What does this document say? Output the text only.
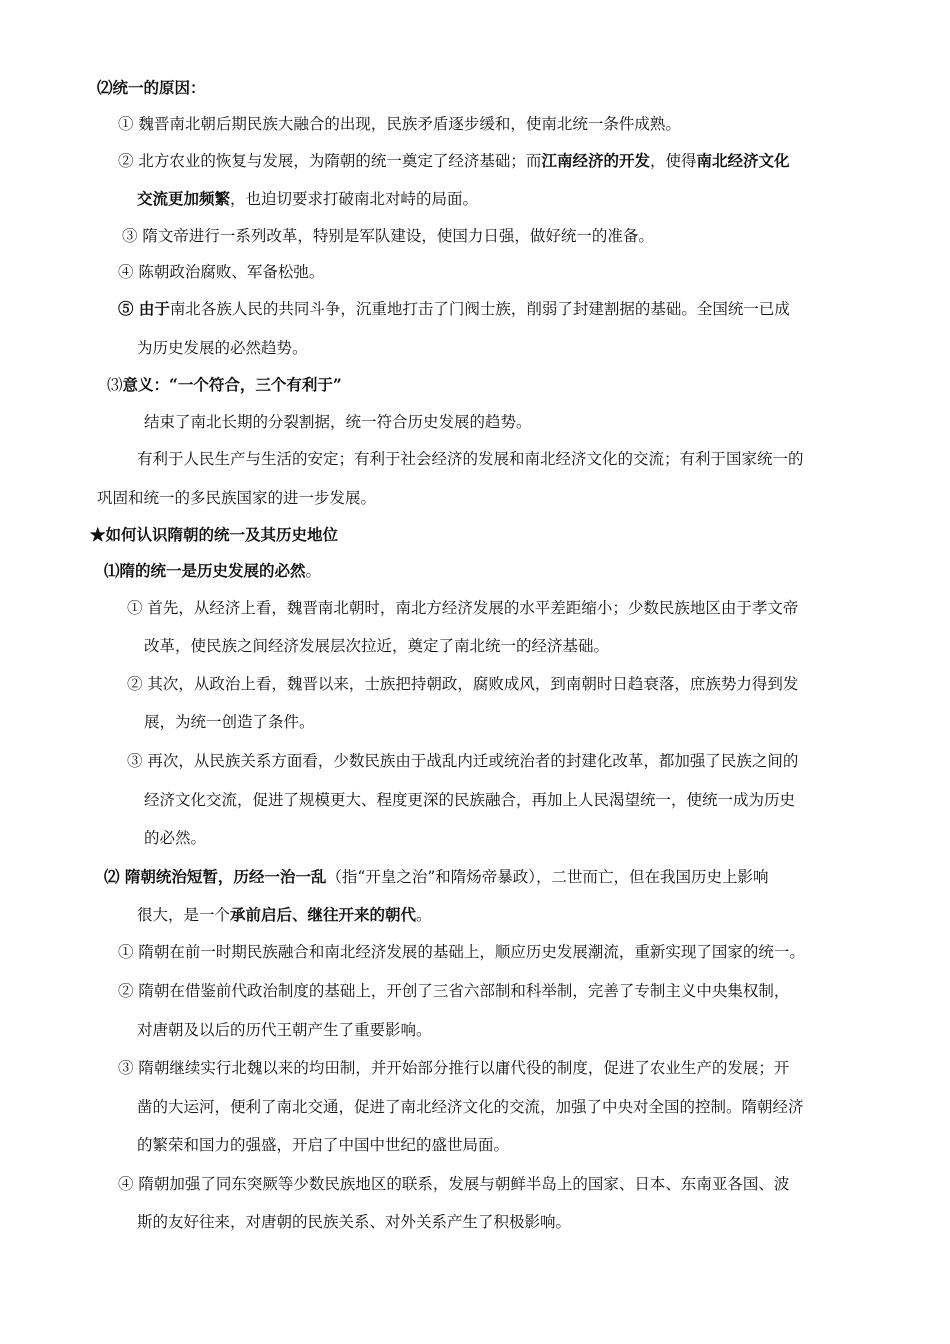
⑵统一的原因：
① 魏晋南北朝后期民族大融合的出现，民族矛盾逐步缓和，使南北统一条件成熟。
② 北方农业的恢复与发展，为隋朝的统一奠定了经济基础；而江南经济的开发，使得南北经济文化
交流更加频繁，也迫切要求打破南北对峙的局面。
③ 隋文帝进行一系列改革，特别是军队建设，使国力日强，做好统一的准备。
④ 陈朝政治腐败、军备松弛。
⑤ 由于南北各族人民的共同斗争，沉重地打击了门阀士族，削弱了封建割据的基础。全国统一已成
为历史发展的必然趋势。
⑶意义：“一个符合，三个有利于”
结束了南北长期的分裂割据，统一符合历史发展的趋势。
有利于人民生产与生活的安定；有利于社会经济的发展和南北经济文化的交流；有利于国家统一的
巩固和统一的多民族国家的进一步发展。
★如何认识隋朝的统一及其历史地位
⑴隋的统一是历史发展的必然。
① 首先，从经济上看，魏晋南北朝时，南北方经济发展的水平差距缩小；少数民族地区由于孝文帝
改革，使民族之间经济发展层次拉近，奠定了南北统一的经济基础。
② 其次，从政治上看，魏晋以来，士族把持朝政，腐败成风，到南朝时日趋衰落，庶族势力得到发
展，为统一创造了条件。
③ 再次，从民族关系方面看，少数民族由于战乱内迁或统治者的封建化改革，都加强了民族之间的
经济文化交流，促进了规模更大、程度更深的民族融合，再加上人民渴望统一，使统一成为历史
的必然。
⑵ 隋朝统治短暂，历经一治一乱（指“开皇之治”和隋炀帝暴政），二世而亡，但在我国历史上影响
很大，是一个承前启后、继往开来的朝代。
① 隋朝在前一时期民族融合和南北经济发展的基础上，顺应历史发展潮流，重新实现了国家的统一。
② 隋朝在借鉴前代政治制度的基础上，开创了三省六部制和科举制，完善了专制主义中央集权制，
对唐朝及以后的历代王朝产生了重要影响。
③ 隋朝继续实行北魏以来的均田制，并开始部分推行以庸代役的制度，促进了农业生产的发展；开
凿的大运河，便利了南北交通，促进了南北经济文化的交流，加强了中央对全国的控制。隋朝经济
的繁荣和国力的强盛，开启了中国中世纪的盛世局面。
④ 隋朝加强了同东突厥等少数民族地区的联系，发展与朝鲜半岛上的国家、日本、东南亚各国、波
斯的友好往来，对唐朝的民族关系、对外关系产生了积极影响。
